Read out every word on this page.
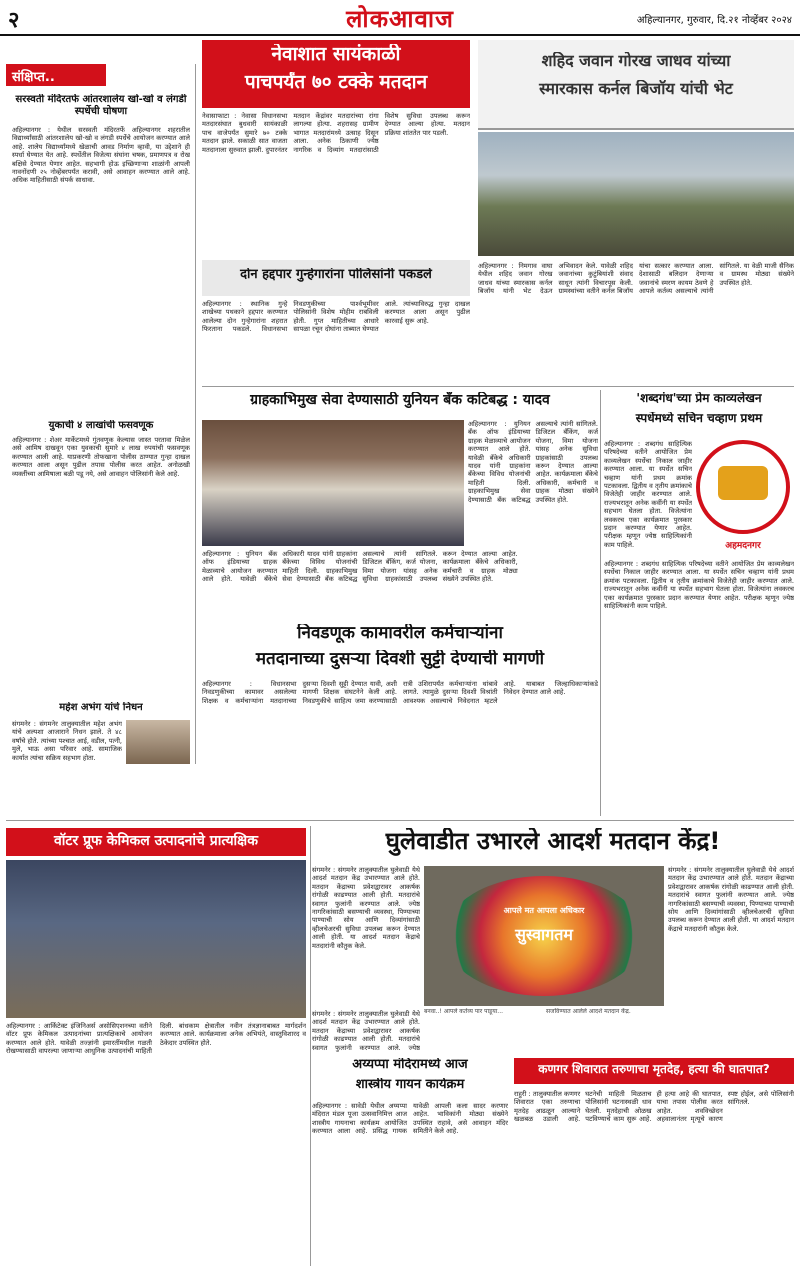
२	लोकआवाज	अहिल्यानगर, गुरुवार, दि.२१ नोव्हेंबर २०२४
संक्षिप्त..
सरस्वती मंदिरतर्फे आंतरशालेय खो-खो व लंगडी स्पर्धेची घोषणा
अहिल्यानगर : येथील सरस्वती मंदिरतर्फे अहिल्यानगर शहरातील विद्यार्थ्यांसाठी आंतरशालेय खो-खो व लंगडी स्पर्धेचे आयोजन करण्यात आले आहे. शालेय विद्यार्थ्यांमध्ये खेळाची आवड निर्माण व्हावी, या उद्देशाने ही स्पर्धा घेण्यात येत आहे. स्पर्धेतील विजेत्या संघांना चषक, प्रमाणपत्र व रोख बक्षिसे देण्यात येणार आहेत. सहभागी होऊ इच्छिणाऱ्या शाळांनी आपली नावनोंदणी २५ नोव्हेंबरपर्यंत करावी, असे आवाहन करण्यात आले आहे. अधिक माहितीसाठी संपर्क साधावा.
युकाची ४ लाखांची फसवणूक
अहिल्यानगर : शेअर मार्केटमध्ये गुंतवणूक केल्यास जास्त परतावा मिळेल असे आमिष दाखवून एका युवकाची सुमारे ४ लाख रुपयांची फसवणूक करण्यात आली आहे. याप्रकरणी तोफखाना पोलीस ठाण्यात गुन्हा दाखल करण्यात आला असून पुढील तपास पोलीस करत आहेत. अनोळखी व्यक्तींच्या आमिषाला बळी पडू नये, असे आवाहन पोलिसांनी केले आहे.
महेश अभंग यांचे निधन
संगमनेर : संगमनेर तालुक्यातील महेश अभंग यांचे अल्पशा आजाराने निधन झाले. ते ४८ वर्षांचे होते. त्यांच्या पश्चात आई, वडील, पत्नी, मुले, भाऊ असा परिवार आहे. सामाजिक कार्यात त्यांचा सक्रिय सहभाग होता.
नेवाशात सायंकाळी
पाचपर्यंत ७० टक्के मतदान
नेवासाफाटा : नेवासा विधानसभा मतदारसंघात बुधवारी सायंकाळी पाच वाजेपर्यंत सुमारे ७० टक्के मतदान झाले. सकाळी सात वाजता मतदानाला सुरुवात झाली. दुपारनंतर मतदान केंद्रांवर मतदारांच्या रांगा लागल्या होत्या. शहरासह ग्रामीण भागात मतदारांमध्ये उत्साह दिसून आला. अनेक ठिकाणी ज्येष्ठ नागरिक व दिव्यांग मतदारांसाठी विशेष सुविधा उपलब्ध करून देण्यात आल्या होत्या. मतदान प्रक्रिया शांततेत पार पडली.
शहिद जवान गोरख जाधव यांच्या
स्मारकास कर्नल बिजॉय यांची भेट
अहिल्यानगर : निमगाव वाघा येथील शहिद जवान गोरख जाधव यांच्या स्मारकास कर्नल बिजॉय यांनी भेट देऊन अभिवादन केले. यावेळी शहिद जवानांच्या कुटुंबियांशी संवाद साधून त्यांनी विचारपूस केली. ग्रामस्थांच्या वतीने कर्नल बिजॉय यांचा सत्कार करण्यात आला. देशासाठी बलिदान देणाऱ्या जवानांचे स्मरण कायम ठेवणे हे आपले कर्तव्य असल्याचे त्यांनी सांगितले. या वेळी माजी सैनिक व ग्रामस्थ मोठ्या संख्येने उपस्थित होते.
दोन हद्दपार गुन्हेगारांना पोलिसांनी पकडले
अहिल्यानगर : स्थानिक गुन्हे शाखेच्या पथकाने हद्दपार करण्यात आलेल्या दोन गुन्हेगारांना शहरात फिरताना पकडले. विधानसभा निवडणुकीच्या पार्श्वभूमीवर पोलिसांनी विशेष मोहीम राबविली होती. गुप्त माहितीच्या आधारे सापळा रचून दोघांना ताब्यात घेण्यात आले. त्यांच्याविरुद्ध गुन्हा दाखल करण्यात आला असून पुढील कारवाई सुरू आहे.
ग्राहकाभिमुख सेवा देण्यासाठी युनियन बँक कटिबद्ध : यादव
अहिल्यानगर : युनियन बँक ऑफ इंडियाच्या ग्राहक मेळाव्याचे आयोजन करण्यात आले होते. यावेळी बँकेचे अधिकारी यादव यांनी ग्राहकांना बँकेच्या विविध योजनांची माहिती दिली. ग्राहकाभिमुख सेवा देण्यासाठी बँक कटिबद्ध असल्याचे त्यांनी सांगितले. डिजिटल बँकिंग, कर्ज योजना, विमा योजना यांसह अनेक सुविधा ग्राहकांसाठी उपलब्ध करून देण्यात आल्या आहेत. कार्यक्रमाला बँकेचे अधिकारी, कर्मचारी व ग्राहक मोठ्या संख्येने उपस्थित होते.
अहिल्यानगर : युनियन बँक ऑफ इंडियाच्या ग्राहक मेळाव्याचे आयोजन करण्यात आले होते. यावेळी बँकेचे अधिकारी यादव यांनी ग्राहकांना बँकेच्या विविध योजनांची माहिती दिली. ग्राहकाभिमुख सेवा देण्यासाठी बँक कटिबद्ध असल्याचे त्यांनी सांगितले. डिजिटल बँकिंग, कर्ज योजना, विमा योजना यांसह अनेक सुविधा ग्राहकांसाठी उपलब्ध करून देण्यात आल्या आहेत. कार्यक्रमाला बँकेचे अधिकारी, कर्मचारी व ग्राहक मोठ्या संख्येने उपस्थित होते.
'शब्दगंध'च्या प्रेम काव्यलेखन
स्पर्धेमध्ये सचिन चव्हाण प्रथम
अहमदनगर
अहिल्यानगर : शब्दगंध साहित्यिक परिषदेच्या वतीने आयोजित प्रेम काव्यलेखन स्पर्धेचा निकाल जाहीर करण्यात आला. या स्पर्धेत सचिन चव्हाण यांनी प्रथम क्रमांक पटकावला. द्वितीय व तृतीय क्रमांकाचे विजेतेही जाहीर करण्यात आले. राज्यभरातून अनेक कवींनी या स्पर्धेत सहभाग घेतला होता. विजेत्यांना लवकरच एका कार्यक्रमात पुरस्कार प्रदान करण्यात येणार आहेत. परीक्षक म्हणून ज्येष्ठ साहित्यिकांनी काम पाहिले.
अहिल्यानगर : शब्दगंध साहित्यिक परिषदेच्या वतीने आयोजित प्रेम काव्यलेखन स्पर्धेचा निकाल जाहीर करण्यात आला. या स्पर्धेत सचिन चव्हाण यांनी प्रथम क्रमांक पटकावला. द्वितीय व तृतीय क्रमांकाचे विजेतेही जाहीर करण्यात आले. राज्यभरातून अनेक कवींनी या स्पर्धेत सहभाग घेतला होता. विजेत्यांना लवकरच एका कार्यक्रमात पुरस्कार प्रदान करण्यात येणार आहेत. परीक्षक म्हणून ज्येष्ठ साहित्यिकांनी काम पाहिले.
निवडणूक कामावरील कर्मचाऱ्यांना
मतदानाच्या दुसऱ्या दिवशी सुट्टी देण्याची मागणी
अहिल्यानगर : विधानसभा निवडणुकीच्या कामावर असलेल्या शिक्षक व कर्मचाऱ्यांना मतदानाच्या दुसऱ्या दिवशी सुट्टी देण्यात यावी, अशी मागणी शिक्षक संघटनेने केली आहे. निवडणुकीचे साहित्य जमा करण्यासाठी रात्री उशिरापर्यंत कर्मचाऱ्यांना थांबावे लागते. त्यामुळे दुसऱ्या दिवशी विश्रांती आवश्यक असल्याचे निवेदनात म्हटले आहे. याबाबत जिल्हाधिकाऱ्यांकडे निवेदन देण्यात आले आहे.
वॉटर प्रूफ केमिकल उत्पादनांचे प्रात्यक्षिक
अहिल्यानगर : आर्किटेक्ट इंजिनिअर्स असोसिएशनच्या वतीने वॉटर प्रूफ केमिकल उत्पादनांच्या प्रात्यक्षिकाचे आयोजन करण्यात आले होते. यावेळी तज्ज्ञांनी इमारतींमधील गळती रोखण्यासाठी वापरल्या जाणाऱ्या आधुनिक उत्पादनांची माहिती दिली. बांधकाम क्षेत्रातील नवीन तंत्रज्ञानाबाबत मार्गदर्शन करण्यात आले. कार्यक्रमाला अनेक अभियंते, वास्तुविशारद व ठेकेदार उपस्थित होते.
घुलेवाडीत उभारले आदर्श मतदान केंद्र!
संगमनेर : संगमनेर तालुक्यातील घुलेवाडी येथे आदर्श मतदान केंद्र उभारण्यात आले होते. मतदान केंद्राच्या प्रवेशद्वारावर आकर्षक रांगोळी काढण्यात आली होती. मतदारांचे स्वागत फुलांनी करण्यात आले. ज्येष्ठ नागरिकांसाठी बसण्याची व्यवस्था, पिण्याच्या पाण्याची सोय आणि दिव्यांगांसाठी व्हीलचेअरची सुविधा उपलब्ध करून देण्यात आली होती. या आदर्श मतदान केंद्राचे मतदारांनी कौतुक केले.
आपले मत आपला अधिकार
सुस्वागतम
संगमनेर : संगमनेर तालुक्यातील घुलेवाडी येथे आदर्श मतदान केंद्र उभारण्यात आले होते. मतदान केंद्राच्या प्रवेशद्वारावर आकर्षक रांगोळी काढण्यात आली होती. मतदारांचे स्वागत फुलांनी करण्यात आले. ज्येष्ठ नागरिकांसाठी बसण्याची व्यवस्था, पिण्याच्या पाण्याची सोय आणि दिव्यांगांसाठी व्हीलचेअरची सुविधा उपलब्ध करून देण्यात आली होती. या आदर्श मतदान केंद्राचे मतदारांनी कौतुक केले.
बनवा..! आपले कर्तव्य पार पाडूया...	सजविण्यात आलेले आदर्श मतदान केंद्र.
संगमनेर : संगमनेर तालुक्यातील घुलेवाडी येथे आदर्श मतदान केंद्र उभारण्यात आले होते. मतदान केंद्राच्या प्रवेशद्वारावर आकर्षक रांगोळी काढण्यात आली होती. मतदारांचे स्वागत फुलांनी करण्यात आले. ज्येष्ठ
अय्यप्पा मंदिरामध्ये आज
शास्त्रीय गायन कार्यक्रम
अहिल्यानगर : सावेडी येथील अय्यप्पा मंदिरात मंडल पूजा उत्सवानिमित्त आज शास्त्रीय गायनाचा कार्यक्रम आयोजित करण्यात आला आहे. प्रसिद्ध गायक यावेळी आपली कला सादर करणार आहेत. भाविकांनी मोठ्या संख्येने उपस्थित राहावे, असे आवाहन मंदिर समितीने केले आहे.
कणगर शिवारात तरुणाचा मृतदेह, हत्या की घातपात?
राहुरी : तालुक्यातील कणगर शिवारात एका तरुणाचा मृतदेह आढळून आल्याने खळबळ उडाली आहे. घटनेची माहिती मिळताच पोलिसांनी घटनास्थळी धाव घेतली. मृतदेहाची ओळख पटविण्याचे काम सुरू आहे. ही हत्या आहे की घातपात, याचा तपास पोलीस करत आहेत. शवविच्छेदन अहवालानंतर मृत्यूचे कारण स्पष्ट होईल, असे पोलिसांनी सांगितले.
